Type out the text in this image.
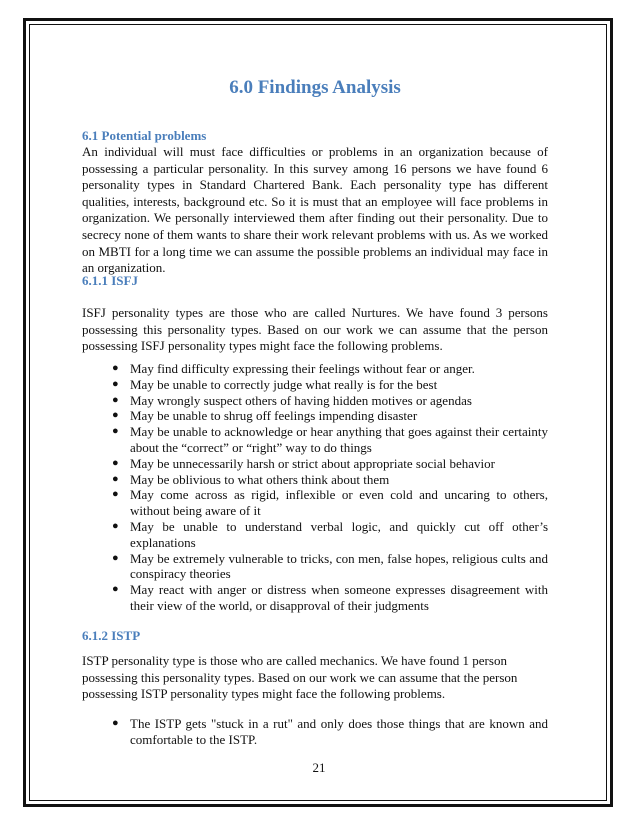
6.0 Findings Analysis
6.1 Potential problems

An individual will must face difficulties or problems in an organization because of possessing a particular personality. In this survey among 16 persons we have found 6 personality types in Standard Chartered Bank. Each personality type has different qualities, interests, background etc. So it is must that an employee will face problems in organization. We personally interviewed them after finding out their personality. Due to secrecy none of them wants to share their work relevant problems with us. As we worked on MBTI for a long time we can assume the possible problems an individual may face in an organization.

6.1.1 ISFJ

ISFJ personality types are those who are called Nurtures. We have found 3 persons possessing this personality types. Based on our work we can assume that the person possessing ISFJ personality types might face the following problems.

● May find difficulty expressing their feelings without fear or anger.
● May be unable to correctly judge what really is for the best
● May wrongly suspect others of having hidden motives or agendas
● May be unable to shrug off feelings impending disaster
● May be unable to acknowledge or hear anything that goes against their certainty about the “correct” or “right” way to do things
● May be unnecessarily harsh or strict about appropriate social behavior
● May be oblivious to what others think about them
● May come across as rigid, inflexible or even cold and uncaring to others, without being aware of it
● May be unable to understand verbal logic, and quickly cut off other’s explanations
● May be extremely vulnerable to tricks, con men, false hopes, religious cults and conspiracy theories
● May react with anger or distress when someone expresses disagreement with their view of the world, or disapproval of their judgments
6.1.2 ISTP

ISTP personality type is those who are called mechanics. We have found 1 person possessing this personality types. Based on our work we can assume that the person possessing ISTP personality types might face the following problems.

● The ISTP gets "stuck in a rut" and only does those things that are known and comfortable to the ISTP.
21
